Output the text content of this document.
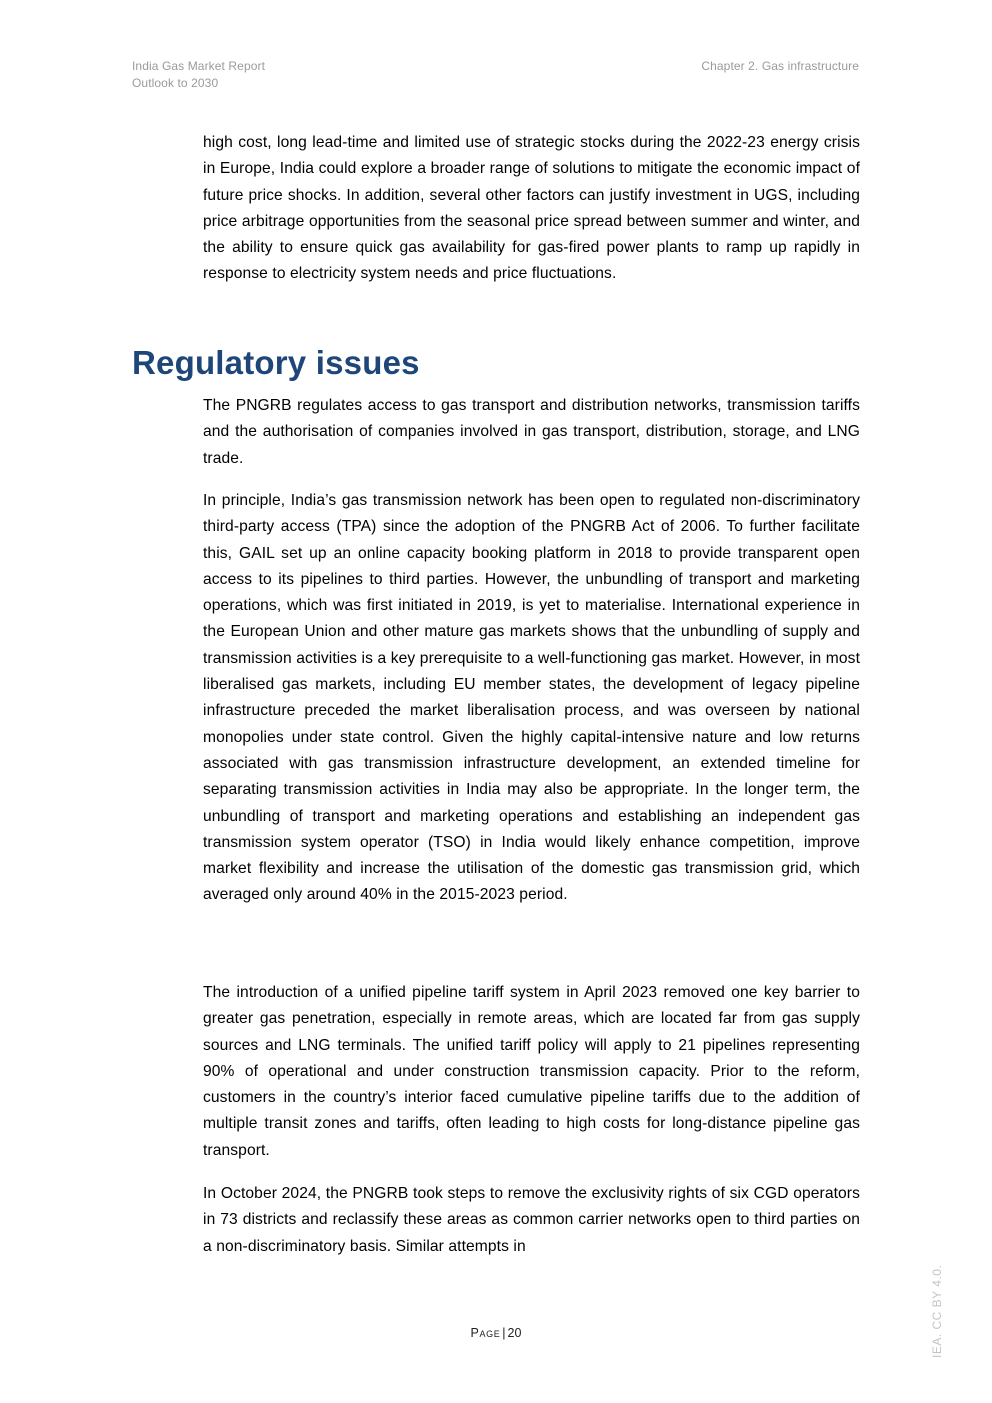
India Gas Market Report
Outlook to 2030
Chapter 2. Gas infrastructure

high cost, long lead-time and limited use of strategic stocks during the 2022-23 energy crisis in Europe, India could explore a broader range of solutions to mitigate the economic impact of future price shocks. In addition, several other factors can justify investment in UGS, including price arbitrage opportunities from the seasonal price spread between summer and winter, and the ability to ensure quick gas availability for gas-fired power plants to ramp up rapidly in response to electricity system needs and price fluctuations.

Regulatory issues

The PNGRB regulates access to gas transport and distribution networks, transmission tariffs and the authorisation of companies involved in gas transport, distribution, storage, and LNG trade.

In principle, India’s gas transmission network has been open to regulated non-discriminatory third-party access (TPA) since the adoption of the PNGRB Act of 2006. To further facilitate this, GAIL set up an online capacity booking platform in 2018 to provide transparent open access to its pipelines to third parties. However, the unbundling of transport and marketing operations, which was first initiated in 2019, is yet to materialise. International experience in the European Union and other mature gas markets shows that the unbundling of supply and transmission activities is a key prerequisite to a well-functioning gas market. However, in most liberalised gas markets, including EU member states, the development of legacy pipeline infrastructure preceded the market liberalisation process, and was overseen by national monopolies under state control. Given the highly capital-intensive nature and low returns associated with gas transmission infrastructure development, an extended timeline for separating transmission activities in India may also be appropriate. In the longer term, the unbundling of transport and marketing operations and establishing an independent gas transmission system operator (TSO) in India would likely enhance competition, improve market flexibility and increase the utilisation of the domestic gas transmission grid, which averaged only around 40% in the 2015-2023 period.

The introduction of a unified pipeline tariff system in April 2023 removed one key barrier to greater gas penetration, especially in remote areas, which are located far from gas supply sources and LNG terminals. The unified tariff policy will apply to 21 pipelines representing 90% of operational and under construction transmission capacity. Prior to the reform, customers in the country’s interior faced cumulative pipeline tariffs due to the addition of multiple transit zones and tariffs, often leading to high costs for long-distance pipeline gas transport.

In October 2024, the PNGRB took steps to remove the exclusivity rights of six CGD operators in 73 districts and reclassify these areas as common carrier networks open to third parties on a non-discriminatory basis. Similar attempts in

Page | 20	IEA. CC BY 4.0.
